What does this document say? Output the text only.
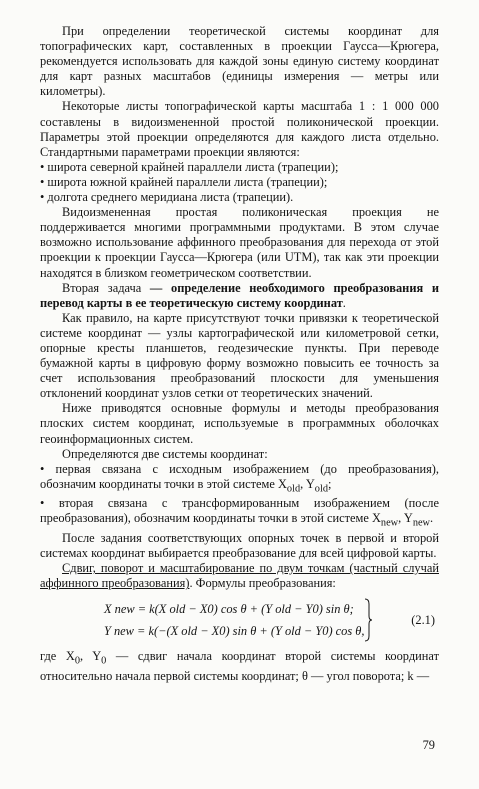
При определении теоретической системы координат для топографических карт, составленных в проекции Гаусса—Крюгера, рекомендуется использовать для каждой зоны единую систему координат для карт разных масштабов (единицы измерения — метры или километры).

Некоторые листы топографической карты масштаба 1 : 1 000 000 составлены в видоизмененной простой поликонической проекции. Параметры этой проекции определяются для каждого листа отдельно. Стандартными параметрами проекции являются:

• широта северной крайней параллели листа (трапеции);

• широта южной крайней параллели листа (трапеции);

• долгота среднего меридиана листа (трапеции).

Видоизмененная простая поликоническая проекция не поддерживается многими программными продуктами. В этом случае возможно использование аффинного преобразования для перехода от этой проекции к проекции Гаусса—Крюгера (или UTM), так как эти проекции находятся в близком геометрическом соответствии.

Вторая задача — определение необходимого преобразования и перевод карты в ее теоретическую систему координат.

Как правило, на карте присутствуют точки привязки к теоретической системе координат — узлы картографической или километровой сетки, опорные кресты планшетов, геодезические пункты. При переводе бумажной карты в цифровую форму возможно повысить ее точность за счет использования преобразований плоскости для уменьшения отклонений координат узлов сетки от теоретических значений.

Ниже приводятся основные формулы и методы преобразования плоских систем координат, используемые в программных оболочках геоинформационных систем.

Определяются две системы координат:

• первая связана с исходным изображением (до преобразования), обозначим координаты точки в этой системе $X_{old}$, $Y_{old}$;

• вторая связана с трансформированным изображением (после преобразования), обозначим координаты точки в этой системе $X_{new}$, $Y_{new}$.

После задания соответствующих опорных точек в первой и второй системах координат выбирается преобразование для всей цифровой карты.

Сдвиг, поворот и масштабирование по двум точкам (частный случай аффинного преобразования). Формулы преобразования:

X new = k(X old − X0) cos θ + (Y old − Y0) sin θ;
Y new = k(−(X old − X0) sin θ + (Y old − Y0) cos θ,
(2.1)

где $X_0$, $Y_0$ — сдвиг начала координат второй системы координат относительно начала первой системы координат; θ — угол поворота; k —

79
